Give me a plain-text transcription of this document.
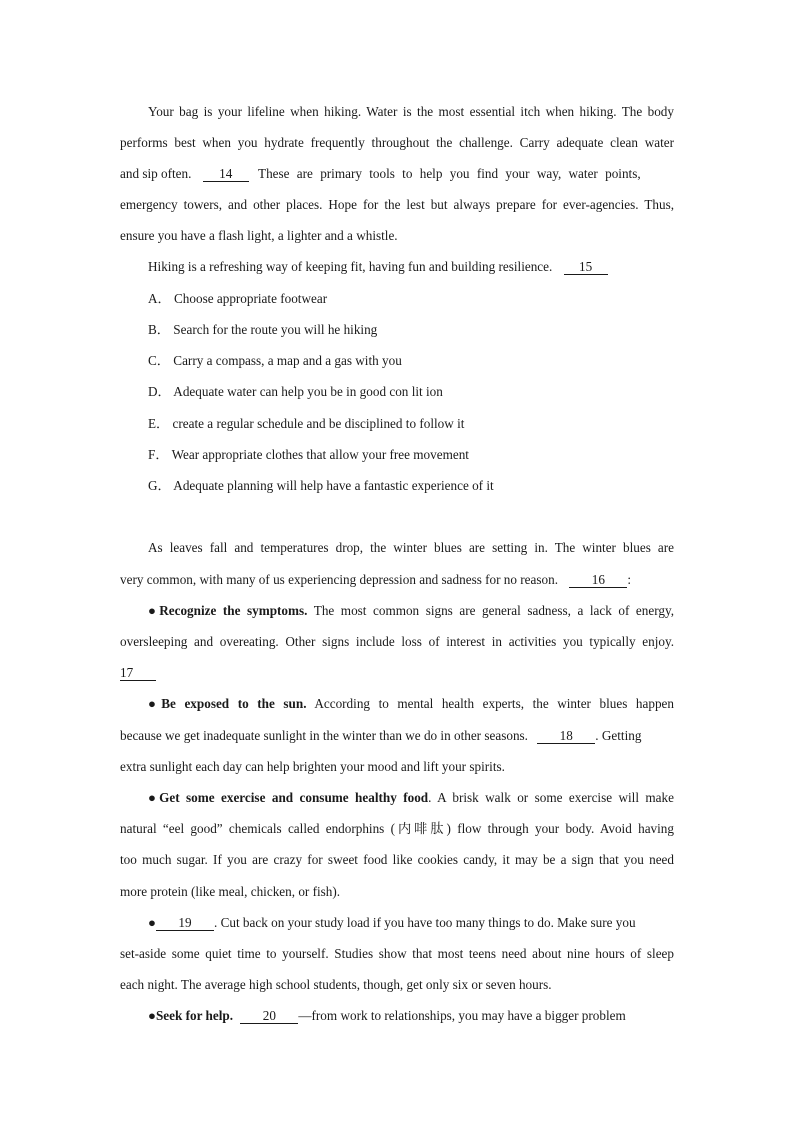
Your bag is your lifeline when hiking. Water is the most essential itch when hiking. The body
performs best when you hydrate frequently throughout the challenge. Carry adequate clean water
and sip often. 14 These are primary tools to help you find your way, water points,
emergency towers, and other places. Hope for the lest but always prepare for ever-agencies. Thus,
ensure you have a flash light, a lighter and a whistle.
Hiking is a refreshing way of keeping fit, having fun and building resilience. 15
A． Choose appropriate footwear
B． Search for the route you will he hiking
C． Carry a compass, a map and a gas with you
D． Adequate water can help you be in good con lit ion
E． create a regular schedule and be disciplined to follow it
F． Wear appropriate clothes that allow your free movement
G． Adequate planning will help have a fantastic experience of it
As leaves fall and temperatures drop, the winter blues are setting in. The winter blues are
very common, with many of us experiencing depression and sadness for no reason.	16 :
●Recognize the symptoms. The most common signs are general sadness, a lack of energy,
oversleeping and overeating. Other signs include loss of interest in activities you typically enjoy.
17
●Be exposed to the sun. According to mental health experts, the winter blues happen
because we get inadequate sunlight in the winter than we do in other seasons. 18 . Getting
extra sunlight each day can help brighten your mood and lift your spirits.
●Get some exercise and consume healthy food. A brisk walk or some exercise will make
natural “eel good” chemicals called endorphins (内啡肽) flow through your body. Avoid having
too much sugar. If you are crazy for sweet food like cookies candy, it may be a sign that you need
more protein (like meal, chicken, or fish).
● 19 . Cut back on your study load if you have too many things to do. Make sure you
set-aside some quiet time to yourself. Studies show that most teens need about nine hours of sleep
each night. The average high school students, though, get only six or seven hours.
●Seek for help. 20 —from work to relationships, you may have a bigger problem
